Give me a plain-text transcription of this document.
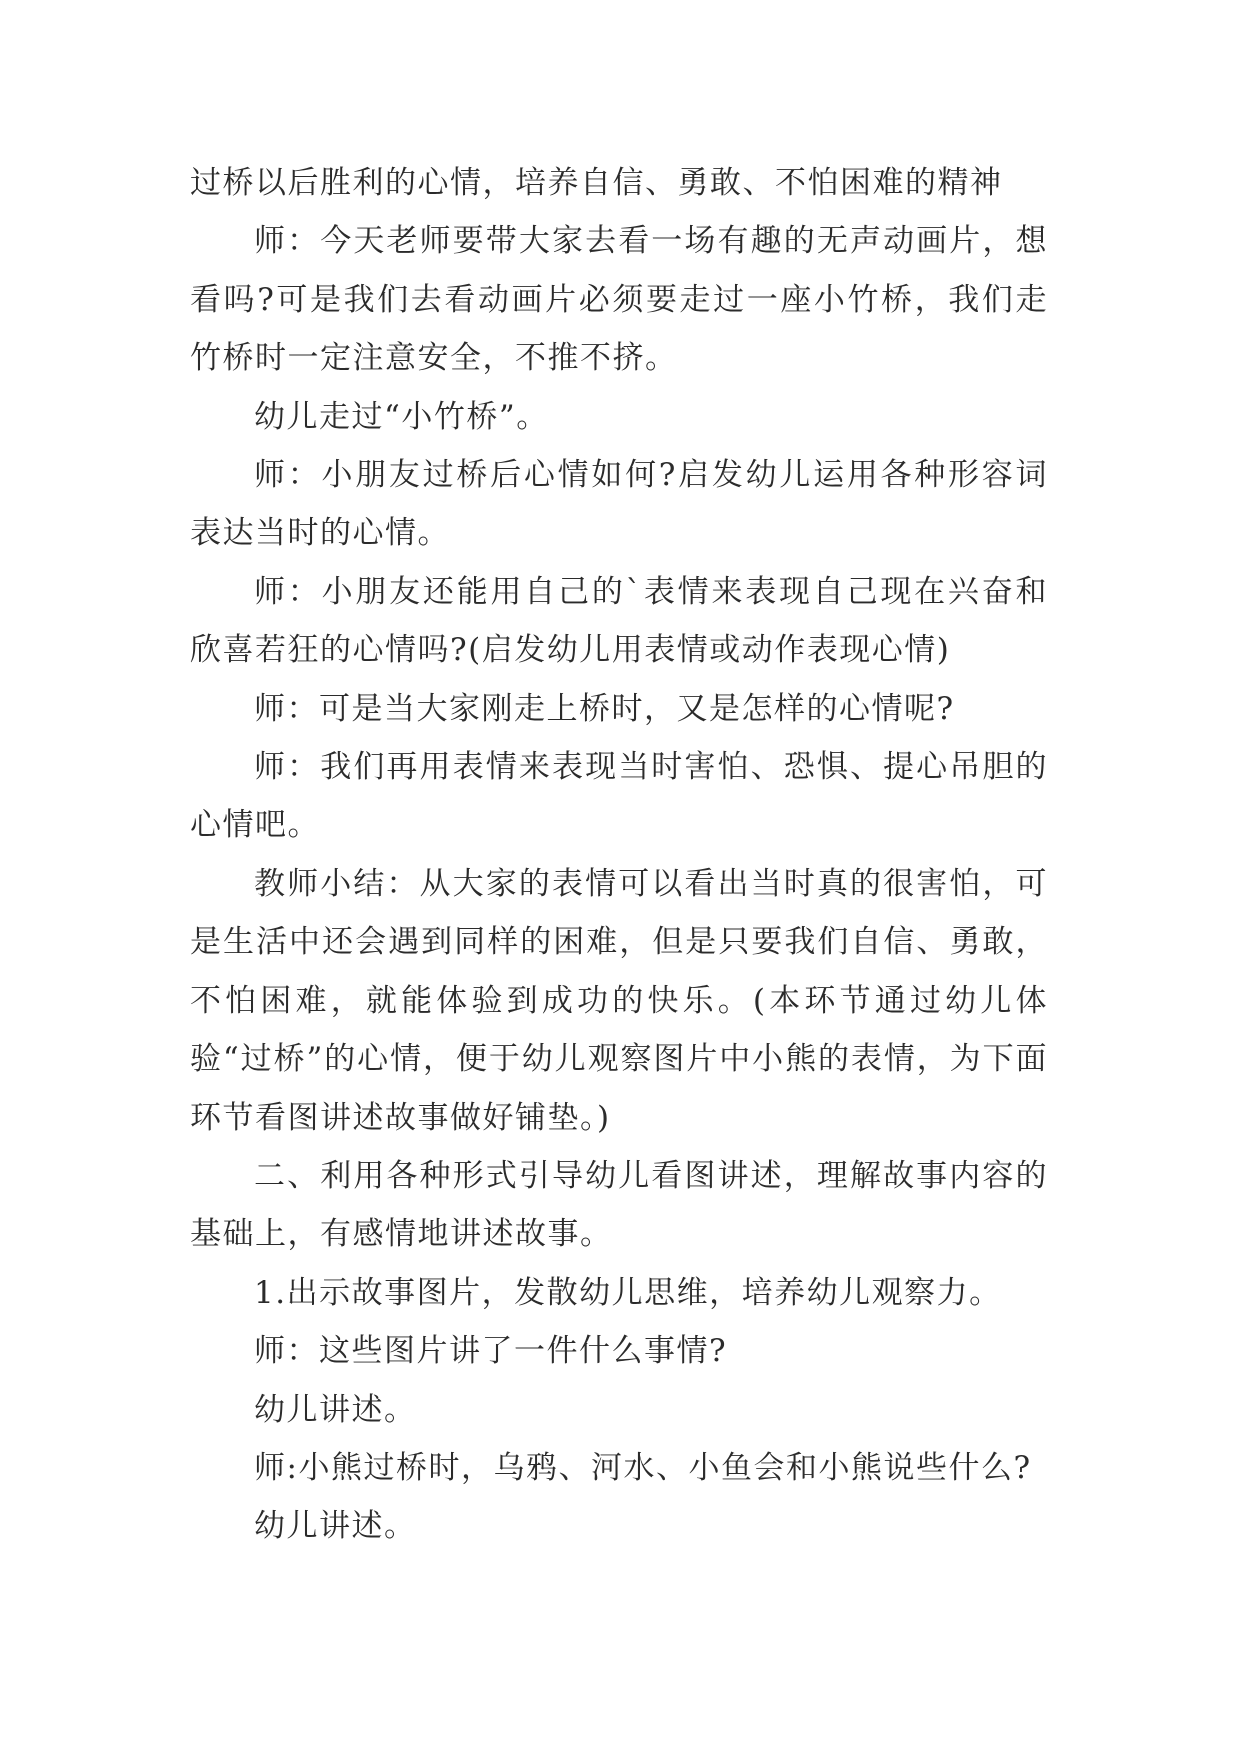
过桥以后胜利的心情，培养自信、勇敢、不怕困难的精神

师：今天老师要带大家去看一场有趣的无声动画片，想看吗?可是我们去看动画片必须要走过一座小竹桥，我们走竹桥时一定注意安全，不推不挤。

幼儿走过“小竹桥”。

师：小朋友过桥后心情如何?启发幼儿运用各种形容词表达当时的心情。

师：小朋友还能用自己的`表情来表现自己现在兴奋和欣喜若狂的心情吗?(启发幼儿用表情或动作表现心情)

师：可是当大家刚走上桥时，又是怎样的心情呢?

师：我们再用表情来表现当时害怕、恐惧、提心吊胆的心情吧。

教师小结：从大家的表情可以看出当时真的很害怕，可是生活中还会遇到同样的困难，但是只要我们自信、勇敢，不怕困难，就能体验到成功的快乐。(本环节通过幼儿体验“过桥”的心情，便于幼儿观察图片中小熊的表情，为下面环节看图讲述故事做好铺垫。)

二、利用各种形式引导幼儿看图讲述，理解故事内容的基础上，有感情地讲述故事。

1.出示故事图片，发散幼儿思维，培养幼儿观察力。

师：这些图片讲了一件什么事情?

幼儿讲述。

师:小熊过桥时，乌鸦、河水、小鱼会和小熊说些什么?

幼儿讲述。
